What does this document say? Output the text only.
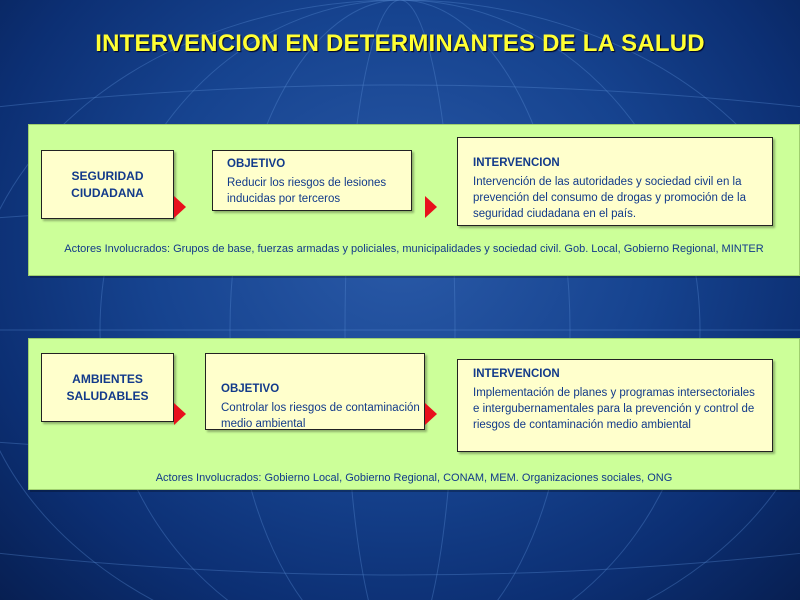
INTERVENCION EN DETERMINANTES DE LA SALUD
SEGURIDAD
CIUDADANA
OBJETIVO
Reducir los riesgos de lesiones inducidas por terceros
INTERVENCION
Intervención de las autoridades y sociedad civil en la prevención del consumo de drogas y promoción de la seguridad ciudadana en el país.
Actores Involucrados: Grupos de base, fuerzas armadas y policiales, municipalidades y sociedad civil. Gob. Local, Gobierno Regional, MINTER
AMBIENTES
SALUDABLES	OBJETIVO
Controlar los riesgos de contaminación medio ambiental
INTERVENCION
Implementación de planes y programas intersectoriales e intergubernamentales para la prevención y control de riesgos de contaminación medio ambiental
Actores Involucrados: Gobierno Local, Gobierno Regional, CONAM, MEM. Organizaciones sociales, ONG
